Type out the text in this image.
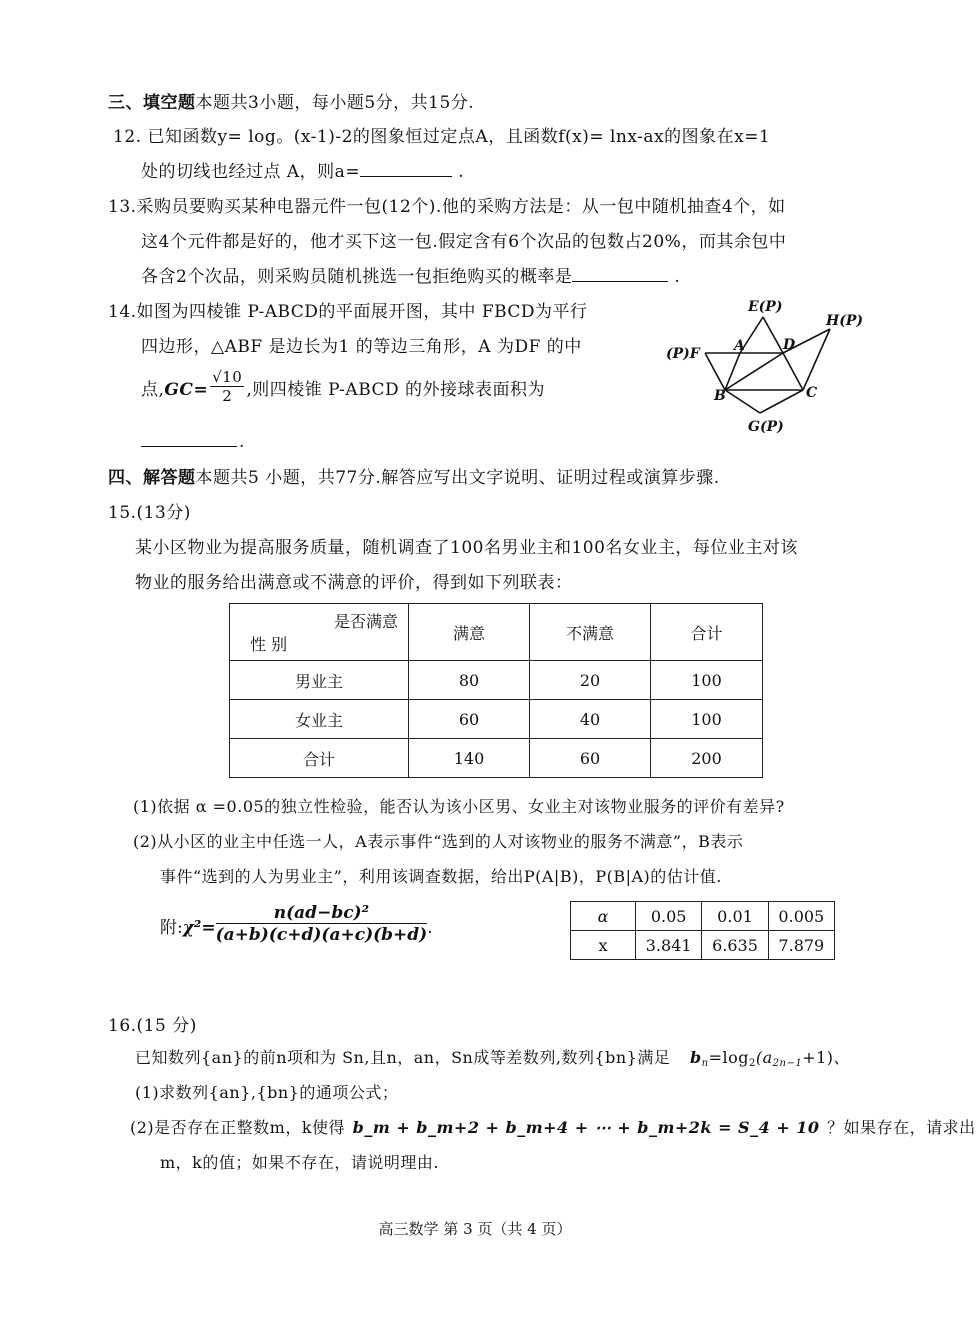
三、填空题本题共3小题，每小题5分，共15分.
12. 已知函数y= log。(x-1)-2的图象恒过定点A，且函数f(x)= lnx-ax的图象在x=1
处的切线也经过点 A，则a=	.
13.采购员要购买某种电器元件一包(12个).他的采购方法是：从一包中随机抽查4个，如
这4个元件都是好的，他才买下这一包.假定含有6个次品的包数占20%，而其余包中
各含2个次品，则采购员随机挑选一包拒绝购买的概率是	.
14.如图为四棱锥 P-ABCD的平面展开图，其中 FBCD为平行
四边形，△ABF 是边长为1 的等边三角形，A 为DF 的中
点$,GC= \frac{√10}{2}$ ,则四棱锥 P-ABCD 的外接球表面积为
.
E(P)
H(P)
(P)F A	D
B	C
G(P)
四、解答题本题共5 小题，共77分.解答应写出文字说明、证明过程或演算步骤.
15.(13分)
某小区物业为提高服务质量，随机调查了100名男业主和100名女业主，每位业主对该
物业的服务给出满意或不满意的评价，得到如下列联表：
是否满意
性 别	满意	不满意	合计
男业主	80	20	100
女业主	60	40	100
合计	140	60	200
(1)依据 α =0.05的独立性检验，能否认为该小区男、女业主对该物业服务的评价有差异?
(2)从小区的业主中任选一人，A表示事件“选到的人对该物业的服务不满意”，B表示
事件“选到的人为男业主”，利用该调查数据，给出P(A|B)，P(B|A)的估计值.
附:χ²= $\frac{\text{n(ad−bc)²}}{(a+b)(c+d)(a+c)(b+d)}$ .
α	0.05	0.01	0.005
x	3.841	6.635	7.879
16.(15 分)
已知数列{an}的前n项和为 Sn,且n，an，Sn成等差数列,数列{bn}满足 $b_n=\log_2(a_{2n-1}+1)$、
(1)求数列{an},{bn}的通项公式；
(2)是否存在正整数m，k使得 b_m + b_m+2 + b_m+4 + ⋯ + b_m+2k = S_4 + 10 ？如果存在，请求出
m，k的值；如果不存在，请说明理由.
高三数学 第 3 页（共 4 页）
